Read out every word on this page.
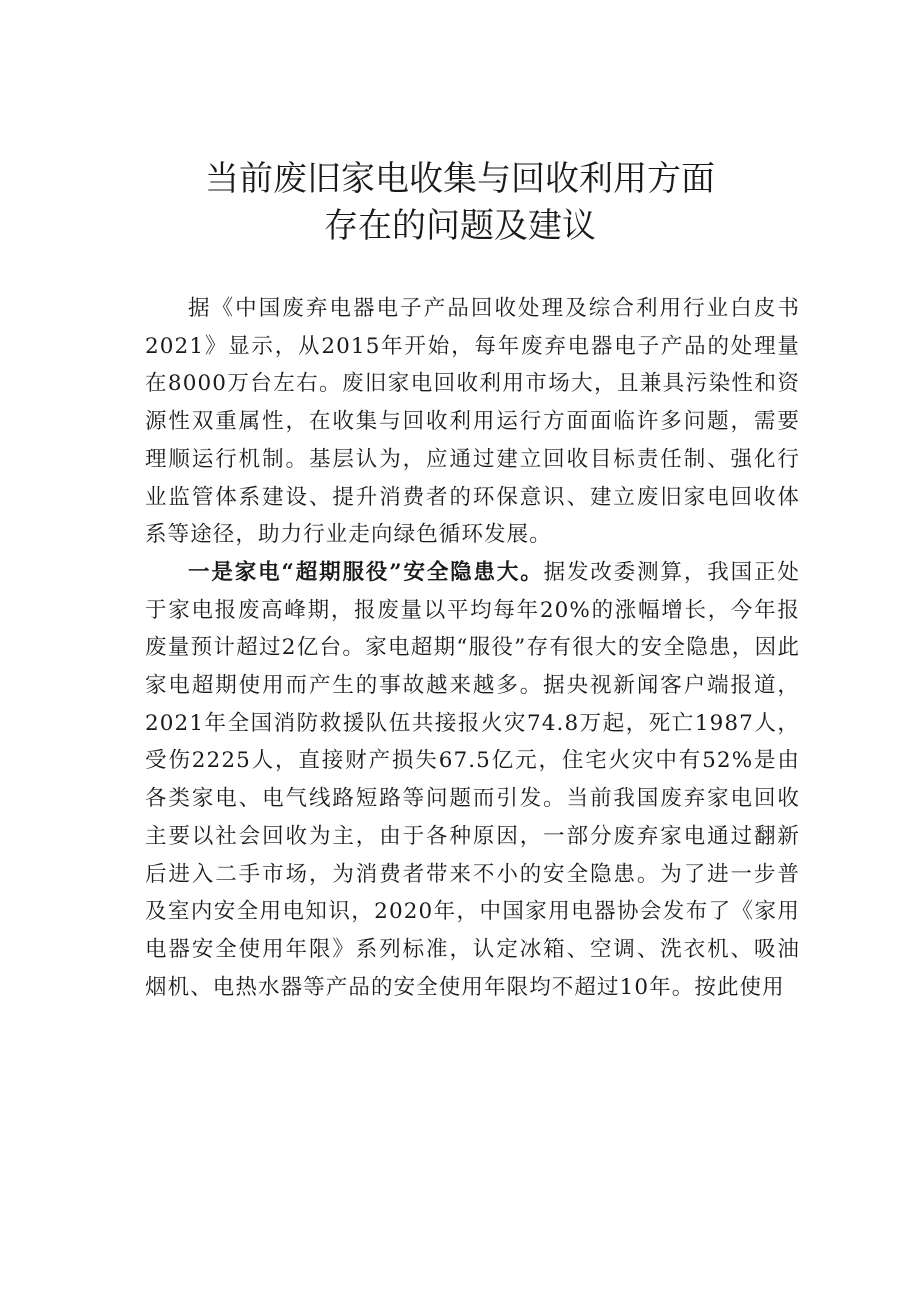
当前废旧家电收集与回收利用方面
存在的问题及建议

据《中国废弃电器电子产品回收处理及综合利用行业白皮书2021》显示，从2015年开始，每年废弃电器电子产品的处理量在8000万台左右。废旧家电回收利用市场大，且兼具污染性和资源性双重属性，在收集与回收利用运行方面面临许多问题，需要理顺运行机制。基层认为，应通过建立回收目标责任制、强化行业监管体系建设、提升消费者的环保意识、建立废旧家电回收体系等途径，助力行业走向绿色循环发展。

一是家电“超期服役”安全隐患大。据发改委测算，我国正处于家电报废高峰期，报废量以平均每年20%的涨幅增长，今年报废量预计超过2亿台。家电超期“服役”存有很大的安全隐患，因此家电超期使用而产生的事故越来越多。据央视新闻客户端报道，2021年全国消防救援队伍共接报火灾74.8万起，死亡1987人，受伤2225人，直接财产损失67.5亿元，住宅火灾中有52%是由各类家电、电气线路短路等问题而引发。当前我国废弃家电回收主要以社会回收为主，由于各种原因，一部分废弃家电通过翻新后进入二手市场，为消费者带来不小的安全隐患。为了进一步普及室内安全用电知识，2020年，中国家用电器协会发布了《家用电器安全使用年限》系列标准，认定冰箱、空调、洗衣机、吸油烟机、电热水器等产品的安全使用年限均不超过10年。按此使用
